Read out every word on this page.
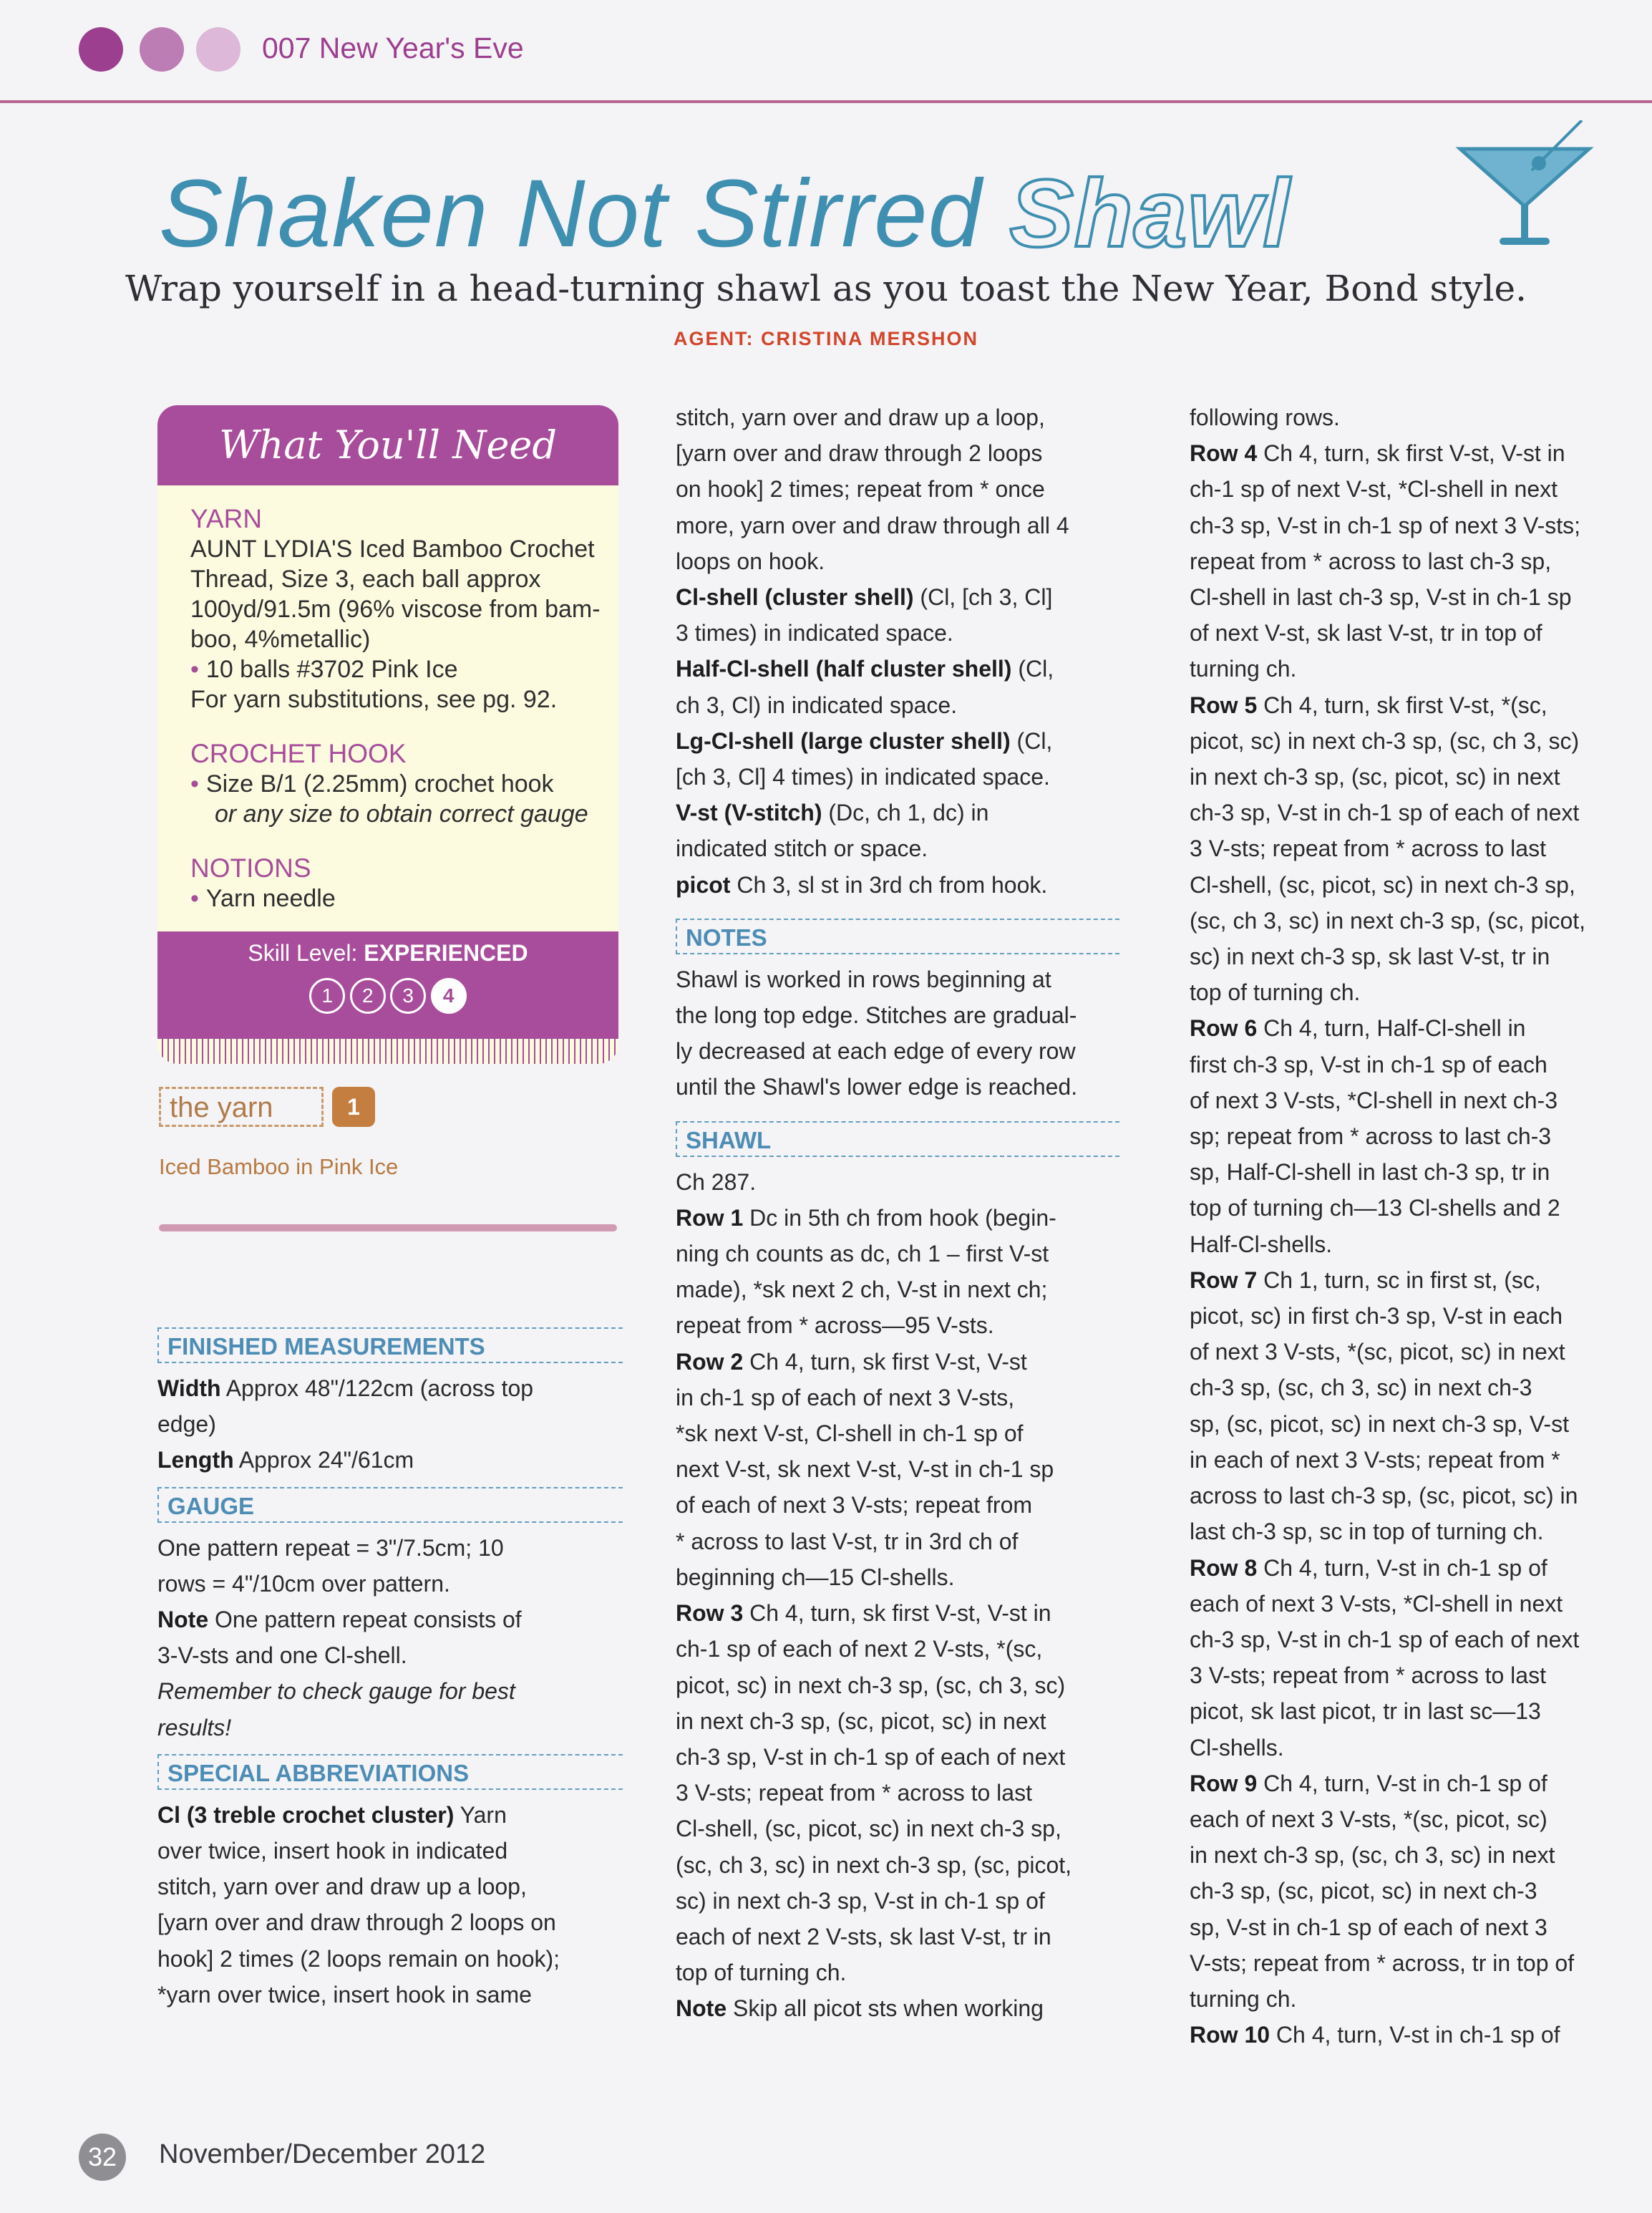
007 New Year's Eve
Shaken Not Stirred Shawl
Wrap yourself in a head-turning shawl as you toast the New Year, Bond style.
AGENT: CRISTINA MERSHON
What You'll Need
YARN
AUNT LYDIA'S Iced Bamboo Crochet
Thread, Size 3, each ball approx
100yd/91.5m (96% viscose from bam-
boo, 4%metallic)
• 10 balls #3702 Pink Ice
For yarn substitutions, see pg. 92.
CROCHET HOOK
• Size B/1 (2.25mm) crochet hook
or any size to obtain correct gauge
NOTIONS
• Yarn needle
Skill Level: EXPERIENCED
1 2 3 4
the yarn	1
Iced Bamboo in Pink Ice
FINISHED MEASUREMENTS

Width Approx 48"/122cm (across top

edge)

Length Approx 24"/61cm

GAUGE

One pattern repeat = 3"/7.5cm; 10

rows = 4"/10cm over pattern.

Note One pattern repeat consists of

3-V-sts and one Cl-shell.

Remember to check gauge for best

results!

SPECIAL ABBREVIATIONS

Cl (3 treble crochet cluster) Yarn

over twice, insert hook in indicated

stitch, yarn over and draw up a loop,

[yarn over and draw through 2 loops on

hook] 2 times (2 loops remain on hook);

*yarn over twice, insert hook in same

stitch, yarn over and draw up a loop,

[yarn over and draw through 2 loops

on hook] 2 times; repeat from * once

more, yarn over and draw through all 4

loops on hook.

Cl-shell (cluster shell) (Cl, [ch 3, Cl]

3 times) in indicated space.

Half-Cl-shell (half cluster shell) (Cl,

ch 3, Cl) in indicated space.

Lg-Cl-shell (large cluster shell) (Cl,

[ch 3, Cl] 4 times) in indicated space.

V-st (V-stitch) (Dc, ch 1, dc) in

indicated stitch or space.

picot Ch 3, sl st in 3rd ch from hook.

NOTES

Shawl is worked in rows beginning at

the long top edge. Stitches are gradual-

ly decreased at each edge of every row

until the Shawl's lower edge is reached.

SHAWL

Ch 287.

Row 1 Dc in 5th ch from hook (begin-

ning ch counts as dc, ch 1 – first V-st

made), *sk next 2 ch, V-st in next ch;

repeat from * across—95 V-sts.

Row 2 Ch 4, turn, sk first V-st, V-st

in ch-1 sp of each of next 3 V-sts,

*sk next V-st, Cl-shell in ch-1 sp of

next V-st, sk next V-st, V-st in ch-1 sp

of each of next 3 V-sts; repeat from

* across to last V-st, tr in 3rd ch of

beginning ch—15 Cl-shells.

Row 3 Ch 4, turn, sk first V-st, V-st in

ch-1 sp of each of next 2 V-sts, *(sc,

picot, sc) in next ch-3 sp, (sc, ch 3, sc)

in next ch-3 sp, (sc, picot, sc) in next

ch-3 sp, V-st in ch-1 sp of each of next

3 V-sts; repeat from * across to last

Cl-shell, (sc, picot, sc) in next ch-3 sp,

(sc, ch 3, sc) in next ch-3 sp, (sc, picot,

sc) in next ch-3 sp, V-st in ch-1 sp of

each of next 2 V-sts, sk last V-st, tr in

top of turning ch.

Note Skip all picot sts when working

following rows.

Row 4 Ch 4, turn, sk first V-st, V-st in

ch-1 sp of next V-st, *Cl-shell in next

ch-3 sp, V-st in ch-1 sp of next 3 V-sts;

repeat from * across to last ch-3 sp,

Cl-shell in last ch-3 sp, V-st in ch-1 sp

of next V-st, sk last V-st, tr in top of

turning ch.

Row 5 Ch 4, turn, sk first V-st, *(sc,

picot, sc) in next ch-3 sp, (sc, ch 3, sc)

in next ch-3 sp, (sc, picot, sc) in next

ch-3 sp, V-st in ch-1 sp of each of next

3 V-sts; repeat from * across to last

Cl-shell, (sc, picot, sc) in next ch-3 sp,

(sc, ch 3, sc) in next ch-3 sp, (sc, picot,

sc) in next ch-3 sp, sk last V-st, tr in

top of turning ch.

Row 6 Ch 4, turn, Half-Cl-shell in

first ch-3 sp, V-st in ch-1 sp of each

of next 3 V-sts, *Cl-shell in next ch-3

sp; repeat from * across to last ch-3

sp, Half-Cl-shell in last ch-3 sp, tr in

top of turning ch—13 Cl-shells and 2

Half-Cl-shells.

Row 7 Ch 1, turn, sc in first st, (sc,

picot, sc) in first ch-3 sp, V-st in each

of next 3 V-sts, *(sc, picot, sc) in next

ch-3 sp, (sc, ch 3, sc) in next ch-3

sp, (sc, picot, sc) in next ch-3 sp, V-st

in each of next 3 V-sts; repeat from *

across to last ch-3 sp, (sc, picot, sc) in

last ch-3 sp, sc in top of turning ch.

Row 8 Ch 4, turn, V-st in ch-1 sp of

each of next 3 V-sts, *Cl-shell in next

ch-3 sp, V-st in ch-1 sp of each of next

3 V-sts; repeat from * across to last

picot, sk last picot, tr in last sc—13

Cl-shells.

Row 9 Ch 4, turn, V-st in ch-1 sp of

each of next 3 V-sts, *(sc, picot, sc)

in next ch-3 sp, (sc, ch 3, sc) in next

ch-3 sp, (sc, picot, sc) in next ch-3

sp, V-st in ch-1 sp of each of next 3

V-sts; repeat from * across, tr in top of

turning ch.

Row 10 Ch 4, turn, V-st in ch-1 sp of

32	November/December 2012
